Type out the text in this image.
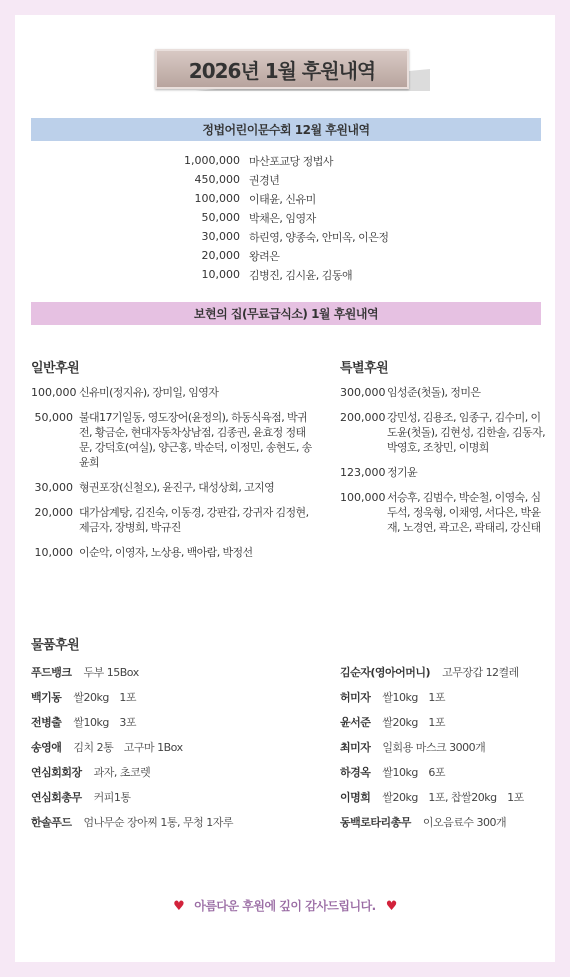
2026년 1월 후원내역
정법어린이문수회 12월 후원내역
1,000,000 마산포교당 정법사
450,000 권경년
100,000 이태윤, 신유미
50,000 박채은, 임영자
30,000 하린영, 양종숙, 안미옥, 이은정
20,000 왕려은
10,000 김병진, 김시윤, 김동애
보현의 집(무료급식소) 1월 후원내역
일반후원	특별후원
100,000 신유미(정지유), 장미일, 임영자
50,000 불대17기일동, 영도장어(윤정의), 하동식육점, 박귀전, 황금순, 현대자동차상남점, 김종권, 윤효정 정태문, 강덕호(여실), 양근홍, 박순덕, 이정민, 송현도, 송윤희
30,000 형권포장(신철오), 윤진구, 대성상회, 고지영
20,000 대가삼계탕, 김진숙, 이동경, 강판갑, 강귀자 김정현, 제금자, 장병희, 박규진
10,000 이순악, 이영자, 노상용, 백아람, 박정선
300,000 임성준(첫돌), 정미은
200,000 강민성, 김용조, 임종구, 김수미, 이도윤(첫돌), 김현성, 김한솔, 김동자, 박영호, 조창민, 이명희
123,000 정기윤
100,000 서승후, 김범수, 박순철, 이영숙, 심두석, 정욱형, 이채영, 서다은, 박윤재, 노경연, 곽고은, 곽태리, 강신태
물품후원
푸드뱅크 두부 15Box
백기동 쌀20kg　1포
전병출 쌀10kg　3포
송영애 김치 2통　고구마 1Box
연심회회장 과자, 초코렛
연심회총무 커피1통
한솔푸드 엄나무순 장아찌 1통, 무청 1자루
김순자(영아어머니) 고무장갑 12켤레
허미자 쌀10kg　1포
윤서준 쌀20kg　1포
최미자 일회용 마스크 3000개
하경옥 쌀10kg　6포
이명희 쌀20kg　1포, 찹쌀20kg　1포
동백로타리총무 이오음료수 300개
♥ 아름다운 후원에 깊이 감사드립니다. ♥
